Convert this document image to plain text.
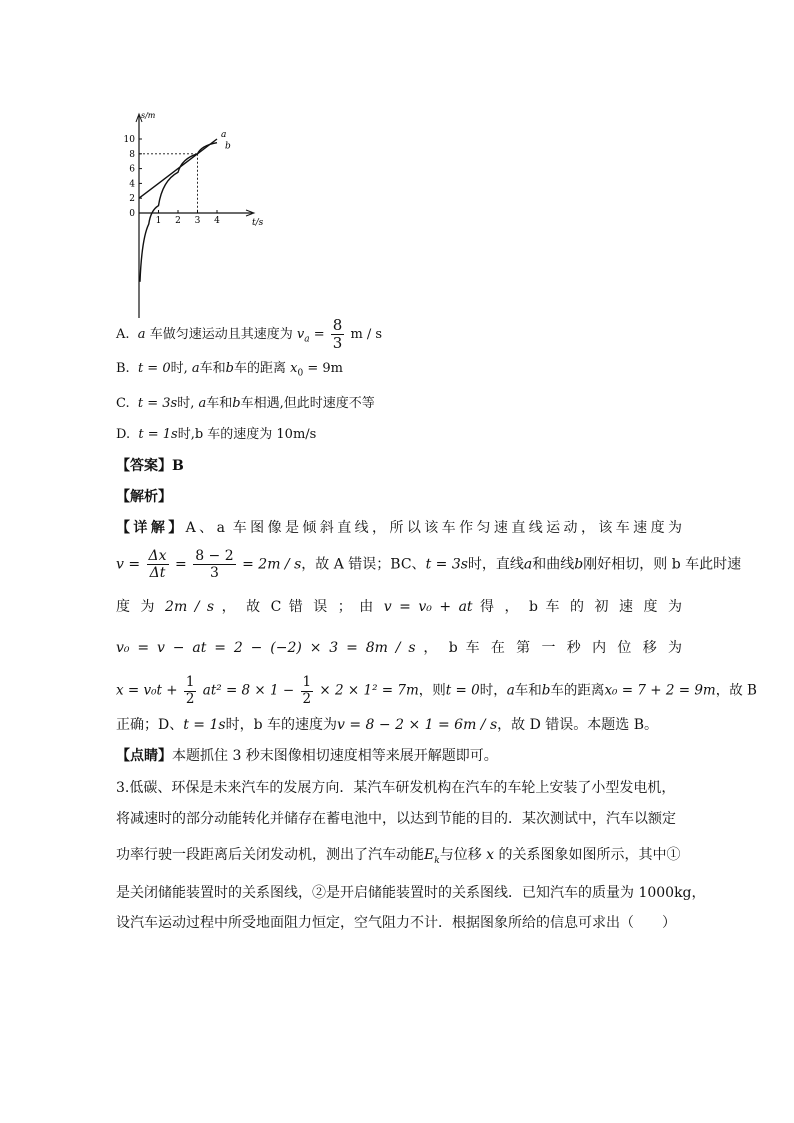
s/m
t/s
0
2
4
6
8
10
1 2 3 4
a
b
A. a 车做匀速运动且其速度为 $v_a = \frac{8}{3}$ m / s
B. t = 0时, a车和b车的距离 $x_0 = 9m$
C. t = 3s时, a车和b车相遇,但此时速度不等
D. t = 1s时,b 车的速度为 10m/s
【答案】B
【解析】
【详解】A、a 车图像是倾斜直线，所以该车作匀速直线运动，该车速度为
$v = \frac{\Delta x}{\Delta t} = \frac{8 - 2}{3} = 2m / s$，故 A 错误；BC、t = 3s时，直线a和曲线b刚好相切，则 b 车此时速
度 为 2m / s ， 故 C 错 误 ； 由 v = v₀ + at 得 ， b 车 的 初 速 度 为
v₀ = v − at = 2 − (−2) × 3 = 8m / s ， b 车 在 第 一 秒 内 位 移 为
$x = v_0t + \frac{1}{2} at^2 = 8 \times 1 - \frac{1}{2} \times 2 \times 1^2 = 7m$，则t = 0时，a车和b车的距离x₀ = 7 + 2 = 9m，故 B
正确；D、t = 1s时，b 车的速度为v = 8 − 2 × 1 = 6m / s，故 D 错误。本题选 B。
【点睛】本题抓住 3 秒末图像相切速度相等来展开解题即可。
3.低碳、环保是未来汽车的发展方向．某汽车研发机构在汽车的车轮上安装了小型发电机，
将减速时的部分动能转化并储存在蓄电池中，以达到节能的目的．某次测试中，汽车以额定
功率行驶一段距离后关闭发动机，测出了汽车动能$E_k$与位移 x 的关系图象如图所示，其中①
是关闭储能装置时的关系图线，②是开启储能装置时的关系图线．已知汽车的质量为 1000kg，
设汽车运动过程中所受地面阻力恒定，空气阻力不计．根据图象所给的信息可求出（　　）
